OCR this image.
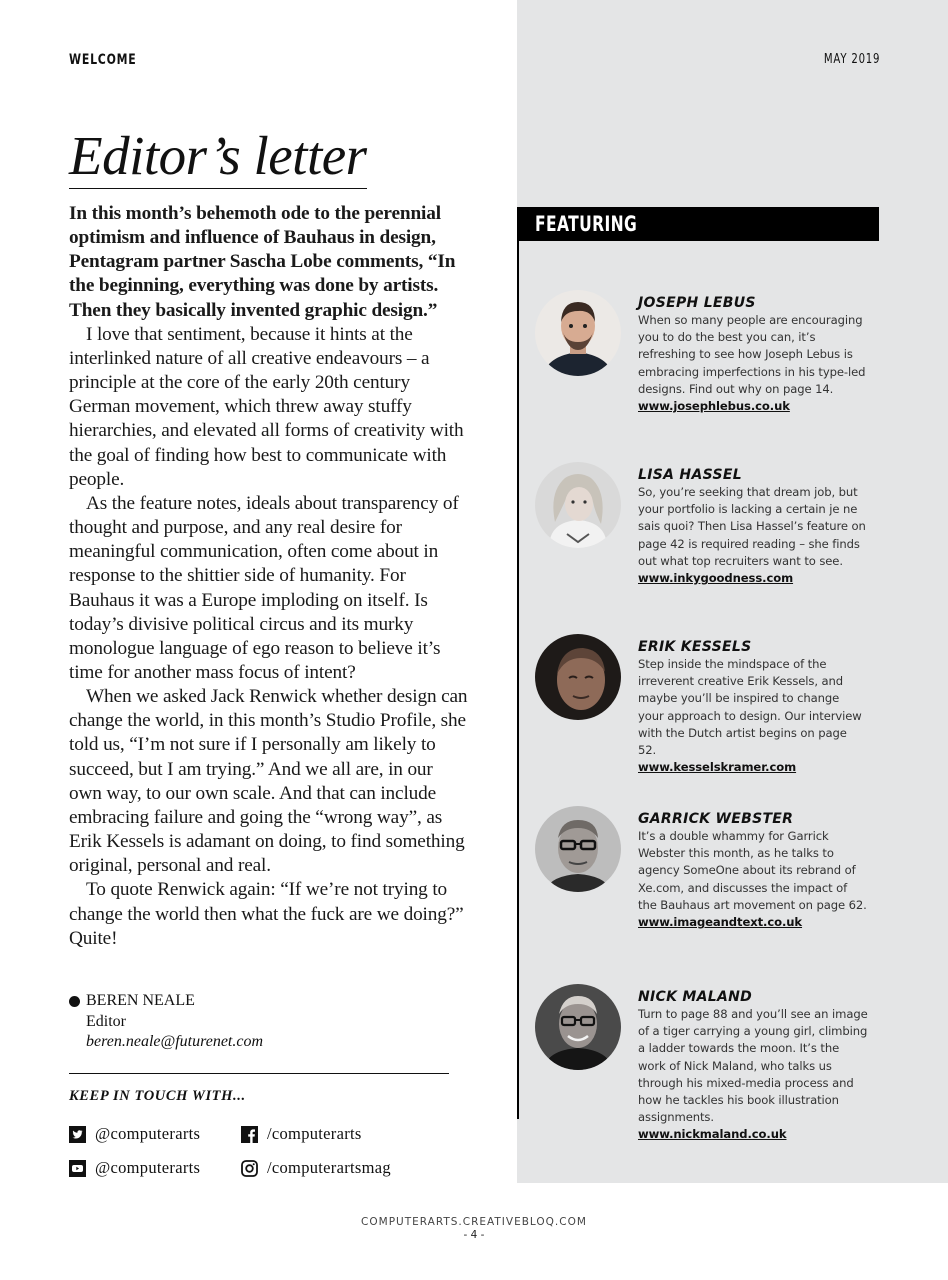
WELCOME	MAY 2019
Editor’s letter

In this month’s behemoth ode to the perennial optimism and influence of Bauhaus in design, Pentagram partner Sascha Lobe comments, “In the beginning, everything was done by artists. Then they basically invented graphic design.”

I love that sentiment, because it hints at the interlinked nature of all creative endeavours – a principle at the core of the early 20th century German movement, which threw away stuffy hierarchies, and elevated all forms of creativity with the goal of finding how best to communicate with people.

As the feature notes, ideals about transparency of thought and purpose, and any real desire for meaningful communication, often come about in response to the shittier side of humanity. For Bauhaus it was a Europe imploding on itself. Is today’s divisive political circus and its murky monologue language of ego reason to believe it’s time for another mass focus of intent?

When we asked Jack Renwick whether design can change the world, in this month’s Studio Profile, she told us, “I’m not sure if I personally am likely to succeed, but I am trying.” And we all are, in our own way, to our own scale. And that can include embracing failure and going the “wrong way”, as Erik Kessels is adamant on doing, to find something original, personal and real.

To quote Renwick again: “If we’re not trying to change the world then what the fuck are we doing?” Quite!

BEREN NEALE
Editor
beren.neale@futurenet.com
KEEP IN TOUCH WITH...
@computerarts	/computerarts
@computerarts	/computerartsmag
FEATURING
JOSEPH LEBUS
When so many people are encouraging you to do the best you can, it’s refreshing to see how Joseph Lebus is embracing imperfections in his type-led designs. Find out why on page 14.
www.josephlebus.co.uk
LISA HASSEL
So, you’re seeking that dream job, but your portfolio is lacking a certain je ne sais quoi? Then Lisa Hassel’s feature on page 42 is required reading – she finds out what top recruiters want to see.
www.inkygoodness.com
ERIK KESSELS
Step inside the mindspace of the irreverent creative Erik Kessels, and maybe you’ll be inspired to change your approach to design. Our interview with the Dutch artist begins on page 52.
www.kesselskramer.com
GARRICK WEBSTER
It’s a double whammy for Garrick Webster this month, as he talks to agency SomeOne about its rebrand of Xe.com, and discusses the impact of the Bauhaus art movement on page 62.
www.imageandtext.co.uk
NICK MALAND
Turn to page 88 and you’ll see an image of a tiger carrying a young girl, climbing a ladder towards the moon. It’s the work of Nick Maland, who talks us through his mixed-media process and how he tackles his book illustration assignments.
www.nickmaland.co.uk
COMPUTERARTS.CREATIVEBLOQ.COM
- 4 -
